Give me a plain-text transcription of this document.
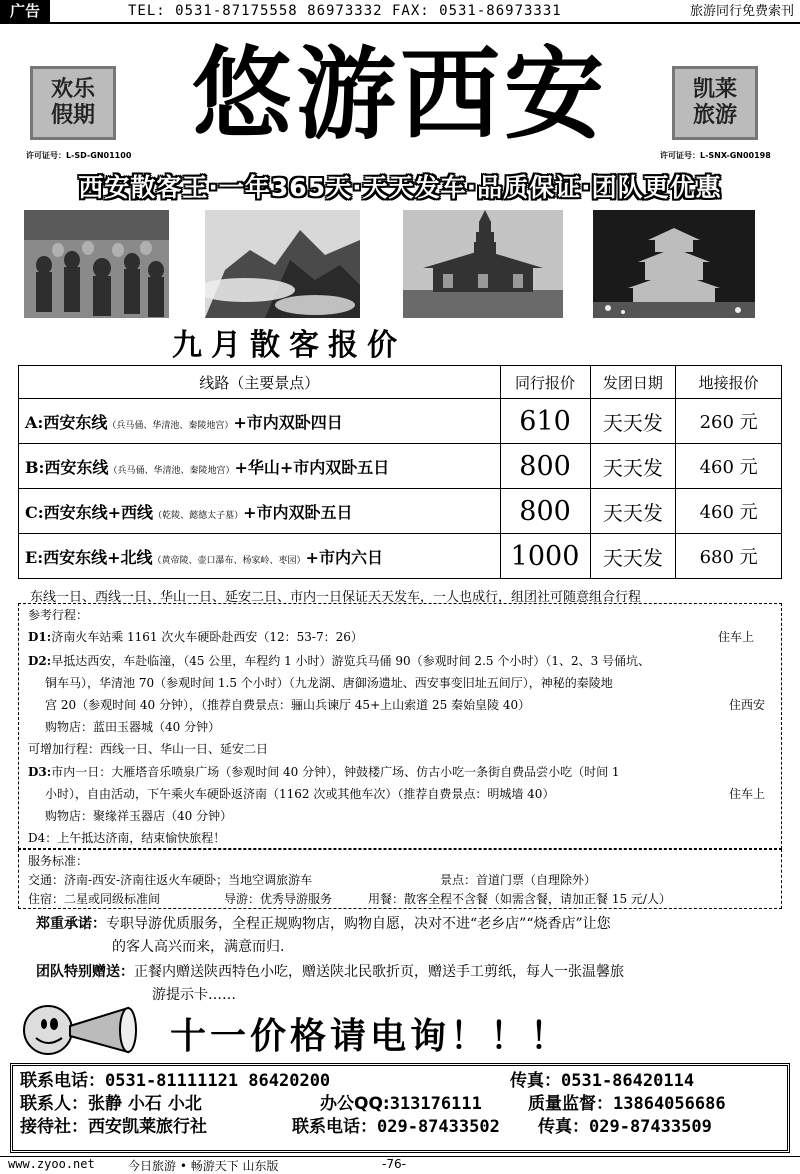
广告	TEL: 0531-87175558 86973332 FAX: 0531-86973331	旅游同行免费索刊
欢乐假期
许可证号：L-SD-GN01100
凯莱旅游
许可证号：L-SNX-GN00198
悠游西安
西安散客王·一年365天·天天发车·品质保证·团队更优惠
九月散客报价
线路（主要景点）	同行报价	发团日期	地接报价
A:西安东线（兵马俑、华清池、秦陵地宫）+市内双卧四日	610	天天发	260 元
B:西安东线（兵马俑、华清池、秦陵地宫）+华山+市内双卧五日	800	天天发	460 元
C:西安东线+西线（乾陵、懿德太子墓）+市内双卧五日	800	天天发	460 元
E:西安东线+北线（黄帝陵、壶口瀑布、杨家岭、枣园）+市内六日	1000	天天发	680 元
东线一日、西线一日、华山一日、延安二日、市内一日保证天天发车，一人也成行，组团社可随意组合行程
参考行程：
D1:济南火车站乘 1161 次火车硬卧赴西安（12：53-7：26）	住车上
D2:早抵达西安，车赴临潼，（45 公里，车程约 1 小时）游览兵马俑 90（参观时间 2.5 个小时）（1、2、3 号俑坑、
铜车马），华清池 70（参观时间 1.5 个小时）（九龙湖、唐御汤遗址、西安事变旧址五间厅），神秘的秦陵地
宫 20（参观时间 40 分钟），（推荐自费景点：骊山兵谏厅 45+上山索道 25 秦始皇陵 40）	住西安
购物店：蓝田玉器城（40 分钟）
可增加行程：西线一日、华山一日、延安二日
D3:市内一日：大雁塔音乐喷泉广场（参观时间 40 分钟），钟鼓楼广场、仿古小吃一条街自费品尝小吃（时间 1
小时），自由活动，下午乘火车硬卧返济南（1162 次或其他车次）（推荐自费景点：明城墙 40）	住车上
购物店：聚缘祥玉器店（40 分钟）
D4：上午抵达济南，结束愉快旅程！
服务标准：
交通：济南-西安-济南往返火车硬卧；当地空调旅游车	景点：首道门票（自理除外）
住宿：二星或同级标准间	导游：优秀导游服务	用餐：散客全程不含餐（如需含餐，请加正餐 15 元/人）
郑重承诺：专职导游优质服务，全程正规购物店，购物自愿，决对不进“老乡店”“烧香店”让您
的客人高兴而来，满意而归.
团队特别赠送：正餐内赠送陕西特色小吃，赠送陕北民歌折页，赠送手工剪纸，每人一张温馨旅
游提示卡……
十一价格请电询！！！
联系电话：0531-81111121 86420200	传真：0531-86420114
联系人：张静 小石 小北	办公QQ:313176111	质量监督：13864056686
接待社：西安凯莱旅行社	联系电话：029-87433502 传真：029-87433509
www.zyoo.net	今日旅游 • 畅游天下 山东版	-76-
